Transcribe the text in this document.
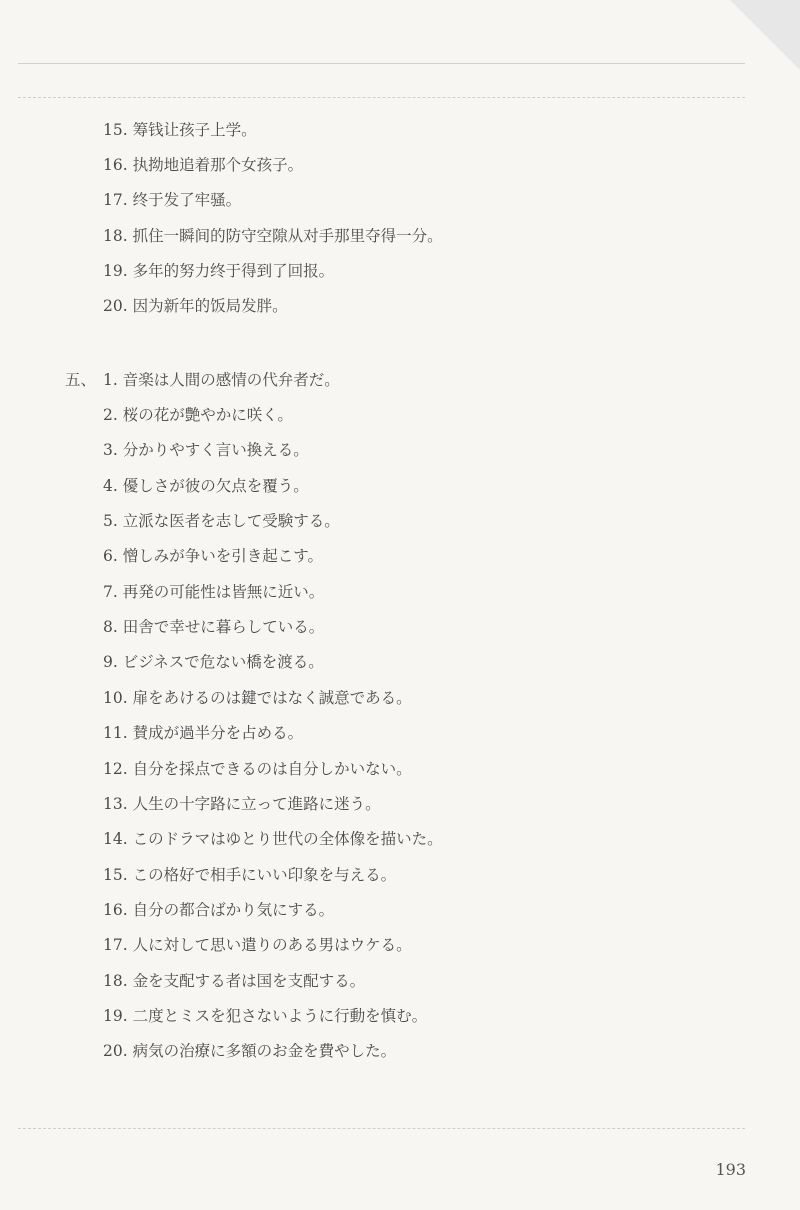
15. 筹钱让孩子上学。
16. 执拗地追着那个女孩子。
17. 终于发了牢骚。
18. 抓住一瞬间的防守空隙从对手那里夺得一分。
19. 多年的努力终于得到了回报。
20. 因为新年的饭局发胖。
五、 1. 音楽は人間の感情の代弁者だ。
2. 桜の花が艶やかに咲く。
3. 分かりやすく言い換える。
4. 優しさが彼の欠点を覆う。
5. 立派な医者を志して受験する。
6. 憎しみが争いを引き起こす。
7. 再発の可能性は皆無に近い。
8. 田舎で幸せに暮らしている。
9. ビジネスで危ない橋を渡る。
10. 扉をあけるのは鍵ではなく誠意である。
11. 賛成が過半分を占める。
12. 自分を採点できるのは自分しかいない。
13. 人生の十字路に立って進路に迷う。
14. このドラマはゆとり世代の全体像を描いた。
15. この格好で相手にいい印象を与える。
16. 自分の都合ばかり気にする。
17. 人に対して思い遣りのある男はウケる。
18. 金を支配する者は国を支配する。
19. 二度とミスを犯さないように行動を慎む。
20. 病気の治療に多額のお金を費やした。
193
